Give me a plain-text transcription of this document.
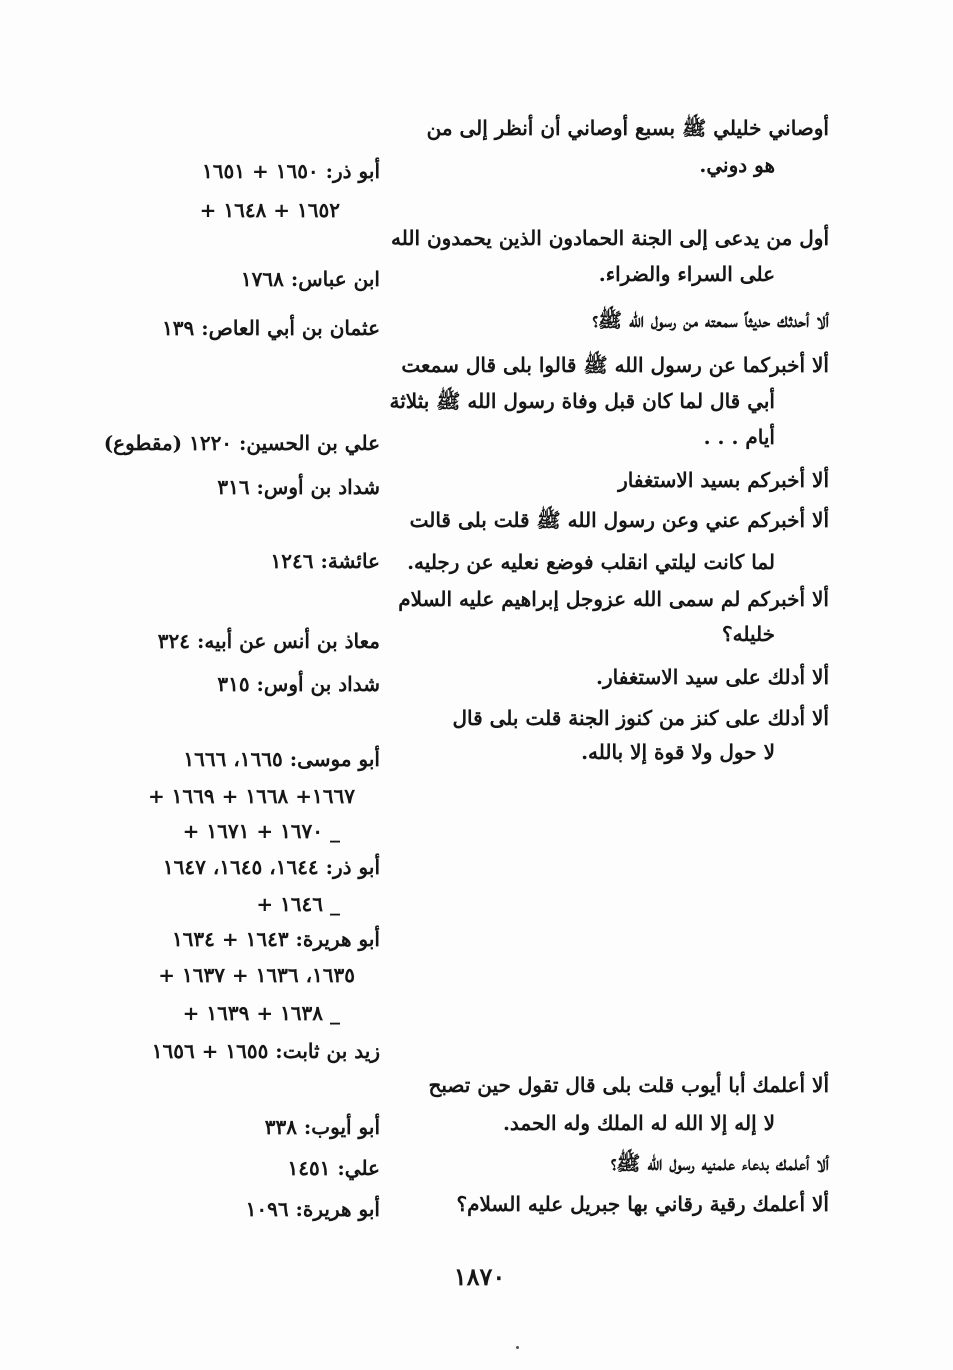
أوصاني خليلي ﷺ بسبع أوصاني أن أنظر إلى من
هو دوني.
أول من يدعى إلى الجنة الحمادون الذين يحمدون الله
على السراء والضراء.
ألا أحدثك حديثاً سمعته من رسول الله ﷺ؟
ألا أخبركما عن رسول الله ﷺ قالوا بلى قال سمعت
أبي قال لما كان قبل وفاة رسول الله ﷺ بثلاثة
أيام . . .
ألا أخبركم بسيد الاستغفار
ألا أخبركم عني وعن رسول الله ﷺ قلت بلى قالت
لما كانت ليلتي انقلب فوضع نعليه عن رجليه.
ألا أخبركم لم سمى الله عزوجل إبراهيم عليه السلام
خليله؟
ألا أدلك على سيد الاستغفار.
ألا أدلك على كنز من كنوز الجنة قلت بلى قال
لا حول ولا قوة إلا بالله.
ألا أعلمك أبا أيوب قلت بلى قال تقول حين تصبح
لا إله إلا الله له الملك وله الحمد.
ألا أعلمك بدعاء علمنيه رسول الله ﷺ؟
ألا أعلمك رقية رقاني بها جبريل عليه السلام؟
أبو ذر: ١٦٥٠ + ١٦٥١
+ ١٦٥٢ + ١٦٤٨
ابن عباس: ١٧٦٨
عثمان بن أبي العاص: ١٣٩
علي بن الحسين: ١٢٢٠ (مقطوع)
شداد بن أوس: ٣١٦
عائشة: ١٢٤٦
معاذ بن أنس عن أبيه: ٣٢٤
شداد بن أوس: ٣١٥
أبو موسى: ١٦٦٥، ١٦٦٦
+ ١٦٦٧+ ١٦٦٨ + ١٦٦٩
+ ١٦٧٠ + ١٦٧١ _
أبو ذر: ١٦٤٤، ١٦٤٥، ١٦٤٧
+ ١٦٤٦ _
أبو هريرة: ١٦٤٣ + ١٦٣٤
+ ١٦٣٥، ١٦٣٦ + ١٦٣٧
+ ١٦٣٨ + ١٦٣٩ _
زيد بن ثابت: ١٦٥٥ + ١٦٥٦
أبو أيوب: ٣٣٨
علي: ١٤٥١
أبو هريرة: ١٠٩٦
١٨٧٠
